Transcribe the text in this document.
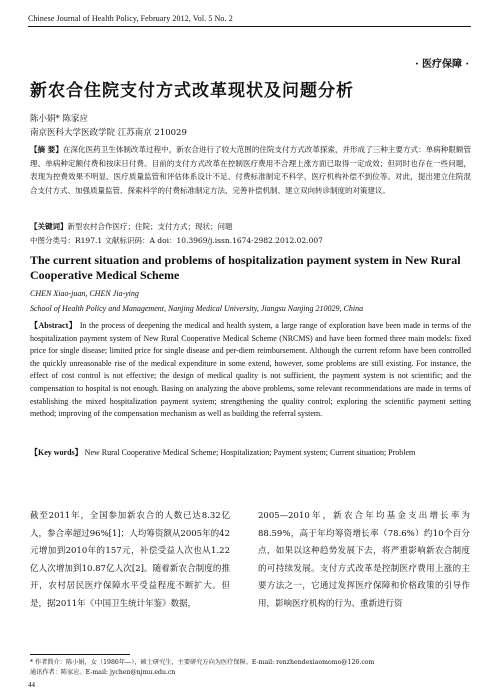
Chinese Journal of Health Policy, February 2012, Vol. 5 No. 2
· 医疗保障 ·
新农合住院支付方式改革现状及问题分析
陈小娟* 陈家应
南京医科大学医政学院 江苏南京 210029

【摘 要】在深化医药卫生体制改革过程中，新农合进行了较大范围的住院支付方式改革探索，并形成了三种主要方式：单病种限额管理、单病种定额付费和按床日付费。目前的支付方式改革在控制医疗费用不合理上涨方面已取得一定成效；但同时也存在一些问题，表现为控费效果不明显、医疗质量监管和评估体系设计不足、付费标准制定不科学、医疗机构补偿不到位等。对此，提出建立住院混合支付方式、加强质量监管、探索科学的付费标准制定方法、完善补偿机制、建立双向转诊制度的对策建议。

【关键词】新型农村合作医疗；住院；支付方式；现状；问题

中图分类号：R197.1 文献标识码：A doi：10.3969/j.issn.1674-2982.2012.02.007

The current situation and problems of hospitalization payment system in New Rural Cooperative Medical Scheme

CHEN Xiao-juan, CHEN Jia-ying
School of Health Policy and Management, Nanjing Medical University, Jiangsu Nanjing 210029, China

【Abstract】 In the process of deepening the medical and health system, a large range of exploration have been made in terms of the hospitalization payment system of New Rural Cooperative Medical Scheme (NRCMS) and have been formed three main models: fixed price for single disease; limited price for single disease and per-diem reimbursement. Although the current reform have been controlled the quickly unreasonable rise of the medical expenditure in some extend, however, some problems are still existing. For instance, the effect of cost control is not effective; the design of medical quality is not sufficient, the payment system is not scientific; and the compensation to hospital is not enough. Basing on analyzing the above problems, some relevant recommendations are made in terms of establishing the mixed hospitalization payment system; strengthening the quality control; exploring the scientific payment setting method; improving of the compensation mechanism as well as building the referral system.

【Key words】 New Rural Cooperative Medical Scheme; Hospitalization; Payment system; Current situation; Problem

截至2011年，全国参加新农合的人数已达8.32亿人，参合率超过96%[1]；人均筹资额从2005年的42元增加到2010年的157元，补偿受益人次也从1.22亿人次增加到10.87亿人次[2]。随着新农合制度的推开，农村居民医疗保障水平受益程度不断扩大。但是，据2011年《中国卫生统计年鉴》数据，

2005—2010年，新农合年均基金支出增长率为88.59%，高于年均筹资增长率（78.6%）约10个百分点，如果以这种趋势发展下去，将严重影响新农合制度的可持续发展。支付方式改革是控制医疗费用上涨的主要方法之一，它通过发挥医疗保障和价格政策的引导作用，影响医疗机构的行为、重新进行资

* 作者简介：陈小娟，女（1986年—），硕士研究生，主要研究方向为医疗保障。E-mail: renzhendexiaomomo@126.com
通讯作者：陈家应。E-mail: jychen@njmu.edu.cn
44
